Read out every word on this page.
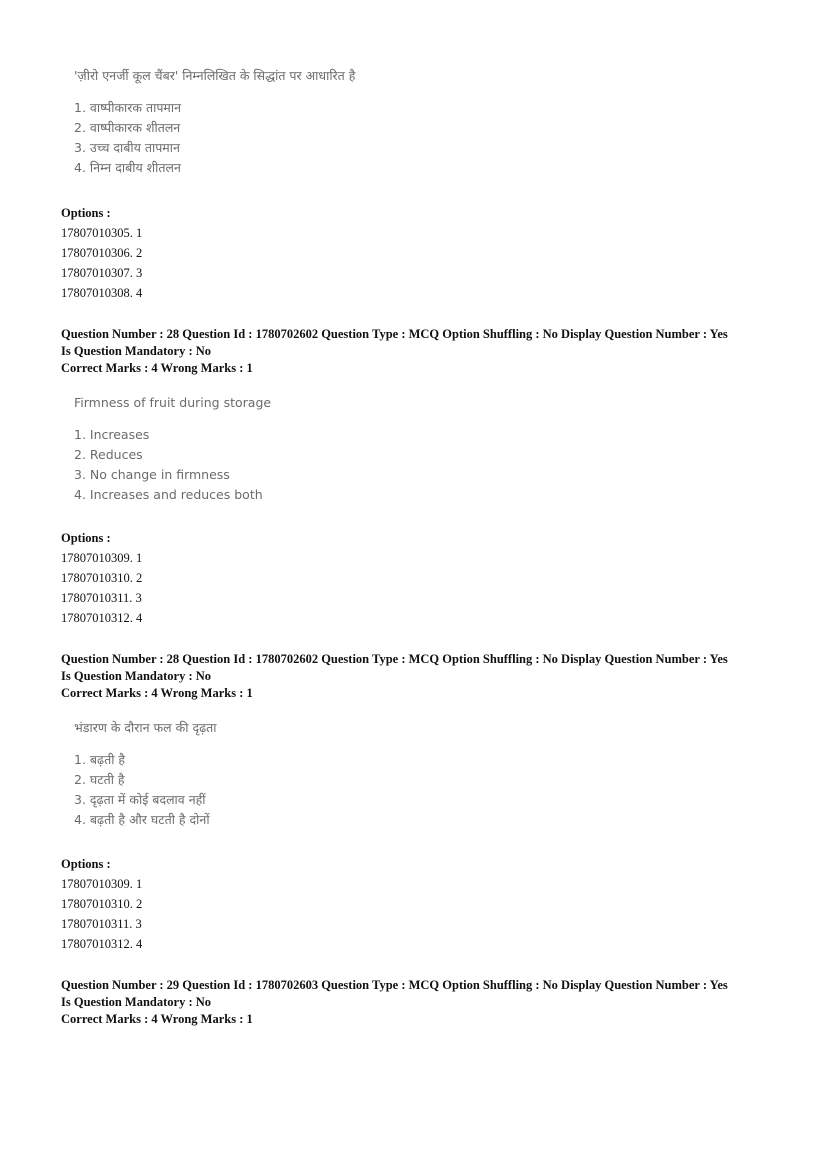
'ज़ीरो एनर्जी कूल चैंबर' निम्नलिखित के सिद्धांत पर आधारित है
1. वाष्पीकारक तापमान
2. वाष्पीकारक शीतलन
3. उच्च दाबीय तापमान
4. निम्न दाबीय शीतलन
Options :
17807010305. 1
17807010306. 2
17807010307. 3
17807010308. 4
Question Number : 28 Question Id : 1780702602 Question Type : MCQ Option Shuffling : No Display Question Number : Yes
Is Question Mandatory : No
Correct Marks : 4 Wrong Marks : 1
Firmness of fruit during storage
1. Increases
2. Reduces
3. No change in firmness
4. Increases and reduces both
Options :
17807010309. 1
17807010310. 2
17807010311. 3
17807010312. 4
Question Number : 28 Question Id : 1780702602 Question Type : MCQ Option Shuffling : No Display Question Number : Yes
Is Question Mandatory : No
Correct Marks : 4 Wrong Marks : 1
भंडारण के दौरान फल की दृढ़ता
1. बढ़ती है
2. घटती है
3. दृढ़ता में कोई बदलाव नहीं
4. बढ़ती है और घटती है दोनों
Options :
17807010309. 1
17807010310. 2
17807010311. 3
17807010312. 4
Question Number : 29 Question Id : 1780702603 Question Type : MCQ Option Shuffling : No Display Question Number : Yes
Is Question Mandatory : No
Correct Marks : 4 Wrong Marks : 1
